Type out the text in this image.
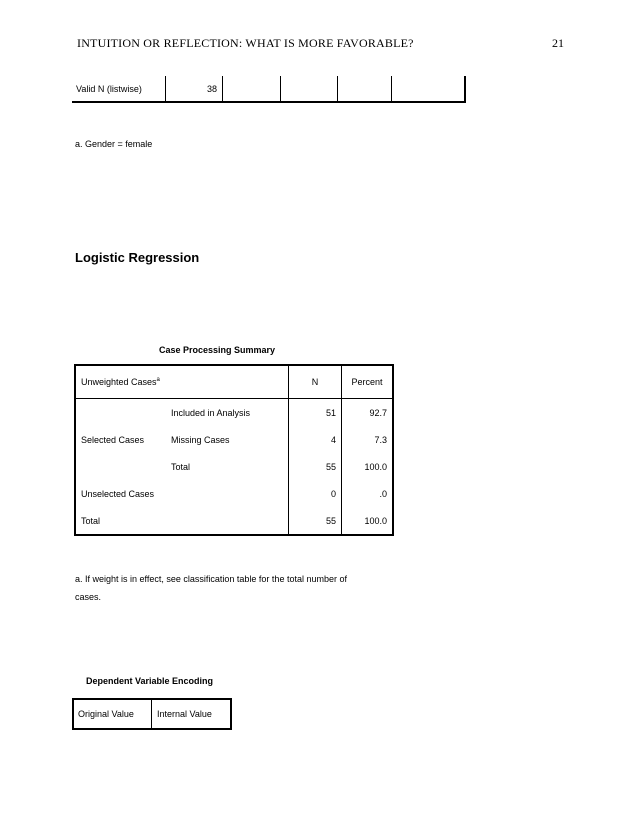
INTUITION OR REFLECTION: WHAT IS MORE FAVORABLE?	21
Valid N (listwise)	38				
a. Gender = female
Logistic Regression
Case Processing Summary
Unweighted Cases$^a$		N	Percent
	Included in Analysis	51	92.7
Selected Cases	Missing Cases	4	7.3
	Total	55	100.0
Unselected Cases		0	.0
Total		55	100.0
a. If weight is in effect, see classification table for the total number of
cases.
Dependent Variable Encoding
Original Value	Internal Value
